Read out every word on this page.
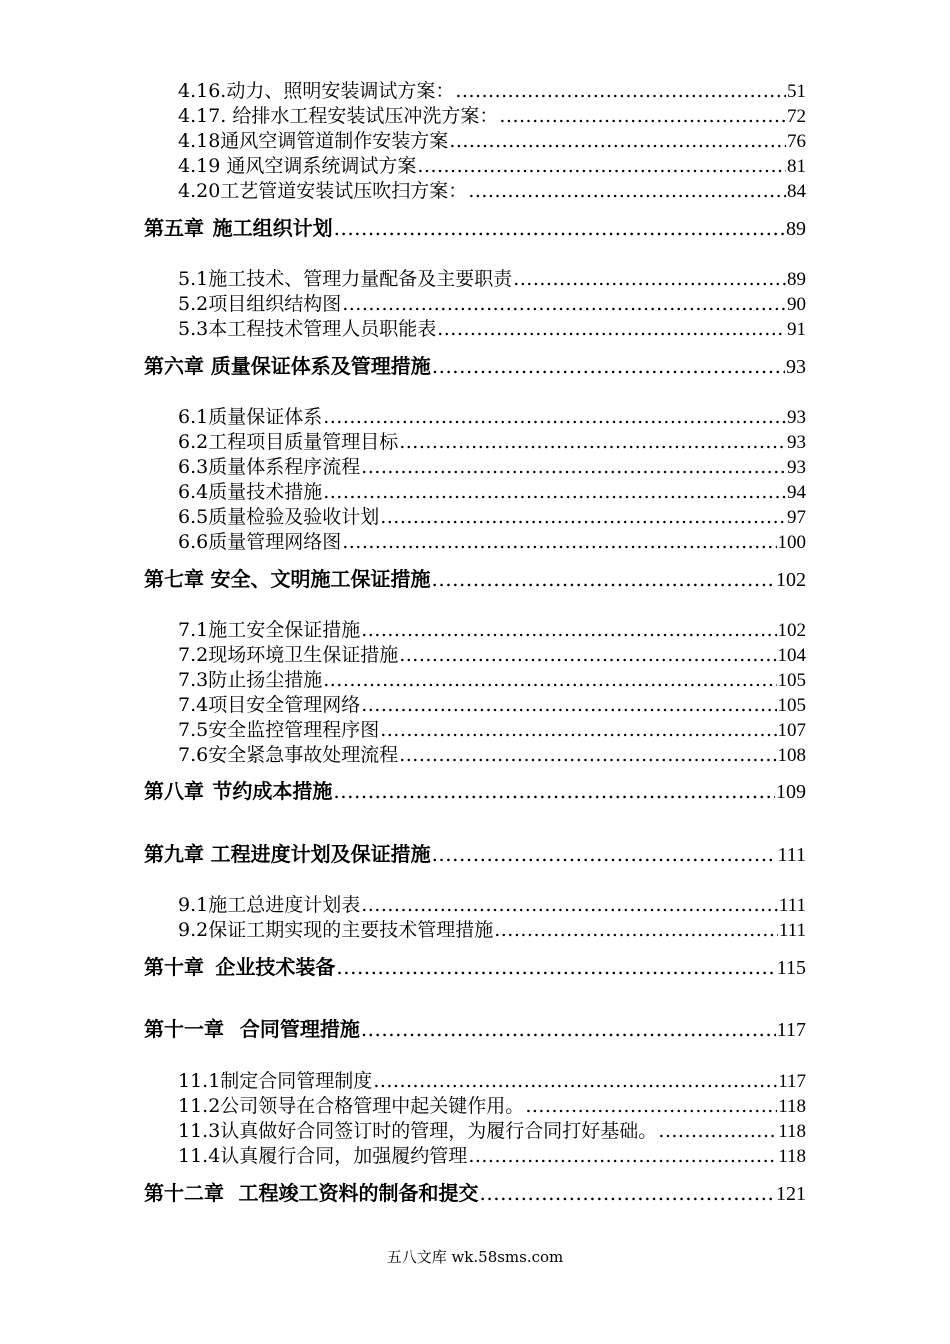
4.16.动力、照明安装调试方案： .....	51
4.17. 给排水工程安装试压冲洗方案： .....	72
4.18通风空调管道制作安装方案 .....	76
4.19 通风空调系统调试方案 .....	81
4.20工艺管道安装试压吹扫方案： .....	84
第五章 施工组织计划 .....	89
5.1施工技术、管理力量配备及主要职责 .....	89
5.2项目组织结构图 .....	90
5.3本工程技术管理人员职能表 .....	91
第六章 质量保证体系及管理措施 .....	93
6.1质量保证体系 .....	93
6.2工程项目质量管理目标 .....	93
6.3质量体系程序流程 .....	93
6.4质量技术措施 .....	94
6.5质量检验及验收计划 .....	97
6.6质量管理网络图 .....	100
第七章 安全、文明施工保证措施 .....	102
7.1施工安全保证措施 .....	102
7.2现场环境卫生保证措施 .....	104
7.3防止扬尘措施 .....	105
7.4项目安全管理网络 .....	105
7.5安全监控管理程序图 .....	107
7.6安全紧急事故处理流程 .....	108
第八章 节约成本措施 .....	109
第九章 工程进度计划及保证措施 .....	111
9.1施工总进度计划表 .....	111
9.2保证工期实现的主要技术管理措施 .....	111
第十章 企业技术装备 .....	115
第十一章 合同管理措施 .....	117
11.1制定合同管理制度 .....	117
11.2公司领导在合格管理中起关键作用。 .....	118
11.3认真做好合同签订时的管理，为履行合同打好基础。 .....	118
11.4认真履行合同，加强履约管理 .....	118
第十二章 工程竣工资料的制备和提交 .....	121
五八文库 wk.58sms.com
